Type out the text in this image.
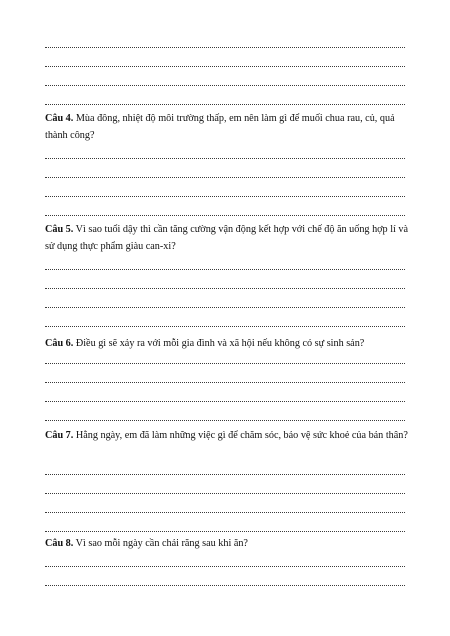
Câu 4. Mùa đông, nhiệt độ môi trường thấp, em nên làm gì để muối chua rau, củ, quả thành công?
Câu 5. Vì sao tuổi dậy thì cần tăng cường vận động kết hợp với chế độ ăn uống hợp lí và sử dụng thực phẩm giàu can-xi?
Câu 6. Điều gì sẽ xảy ra với mỗi gia đình và xã hội nếu không có sự sinh sản?
Câu 7. Hằng ngày, em đã làm những việc gì để chăm sóc, bảo vệ sức khoẻ của bản thân?
Câu 8. Vì sao mỗi ngày cần chải răng sau khi ăn?
